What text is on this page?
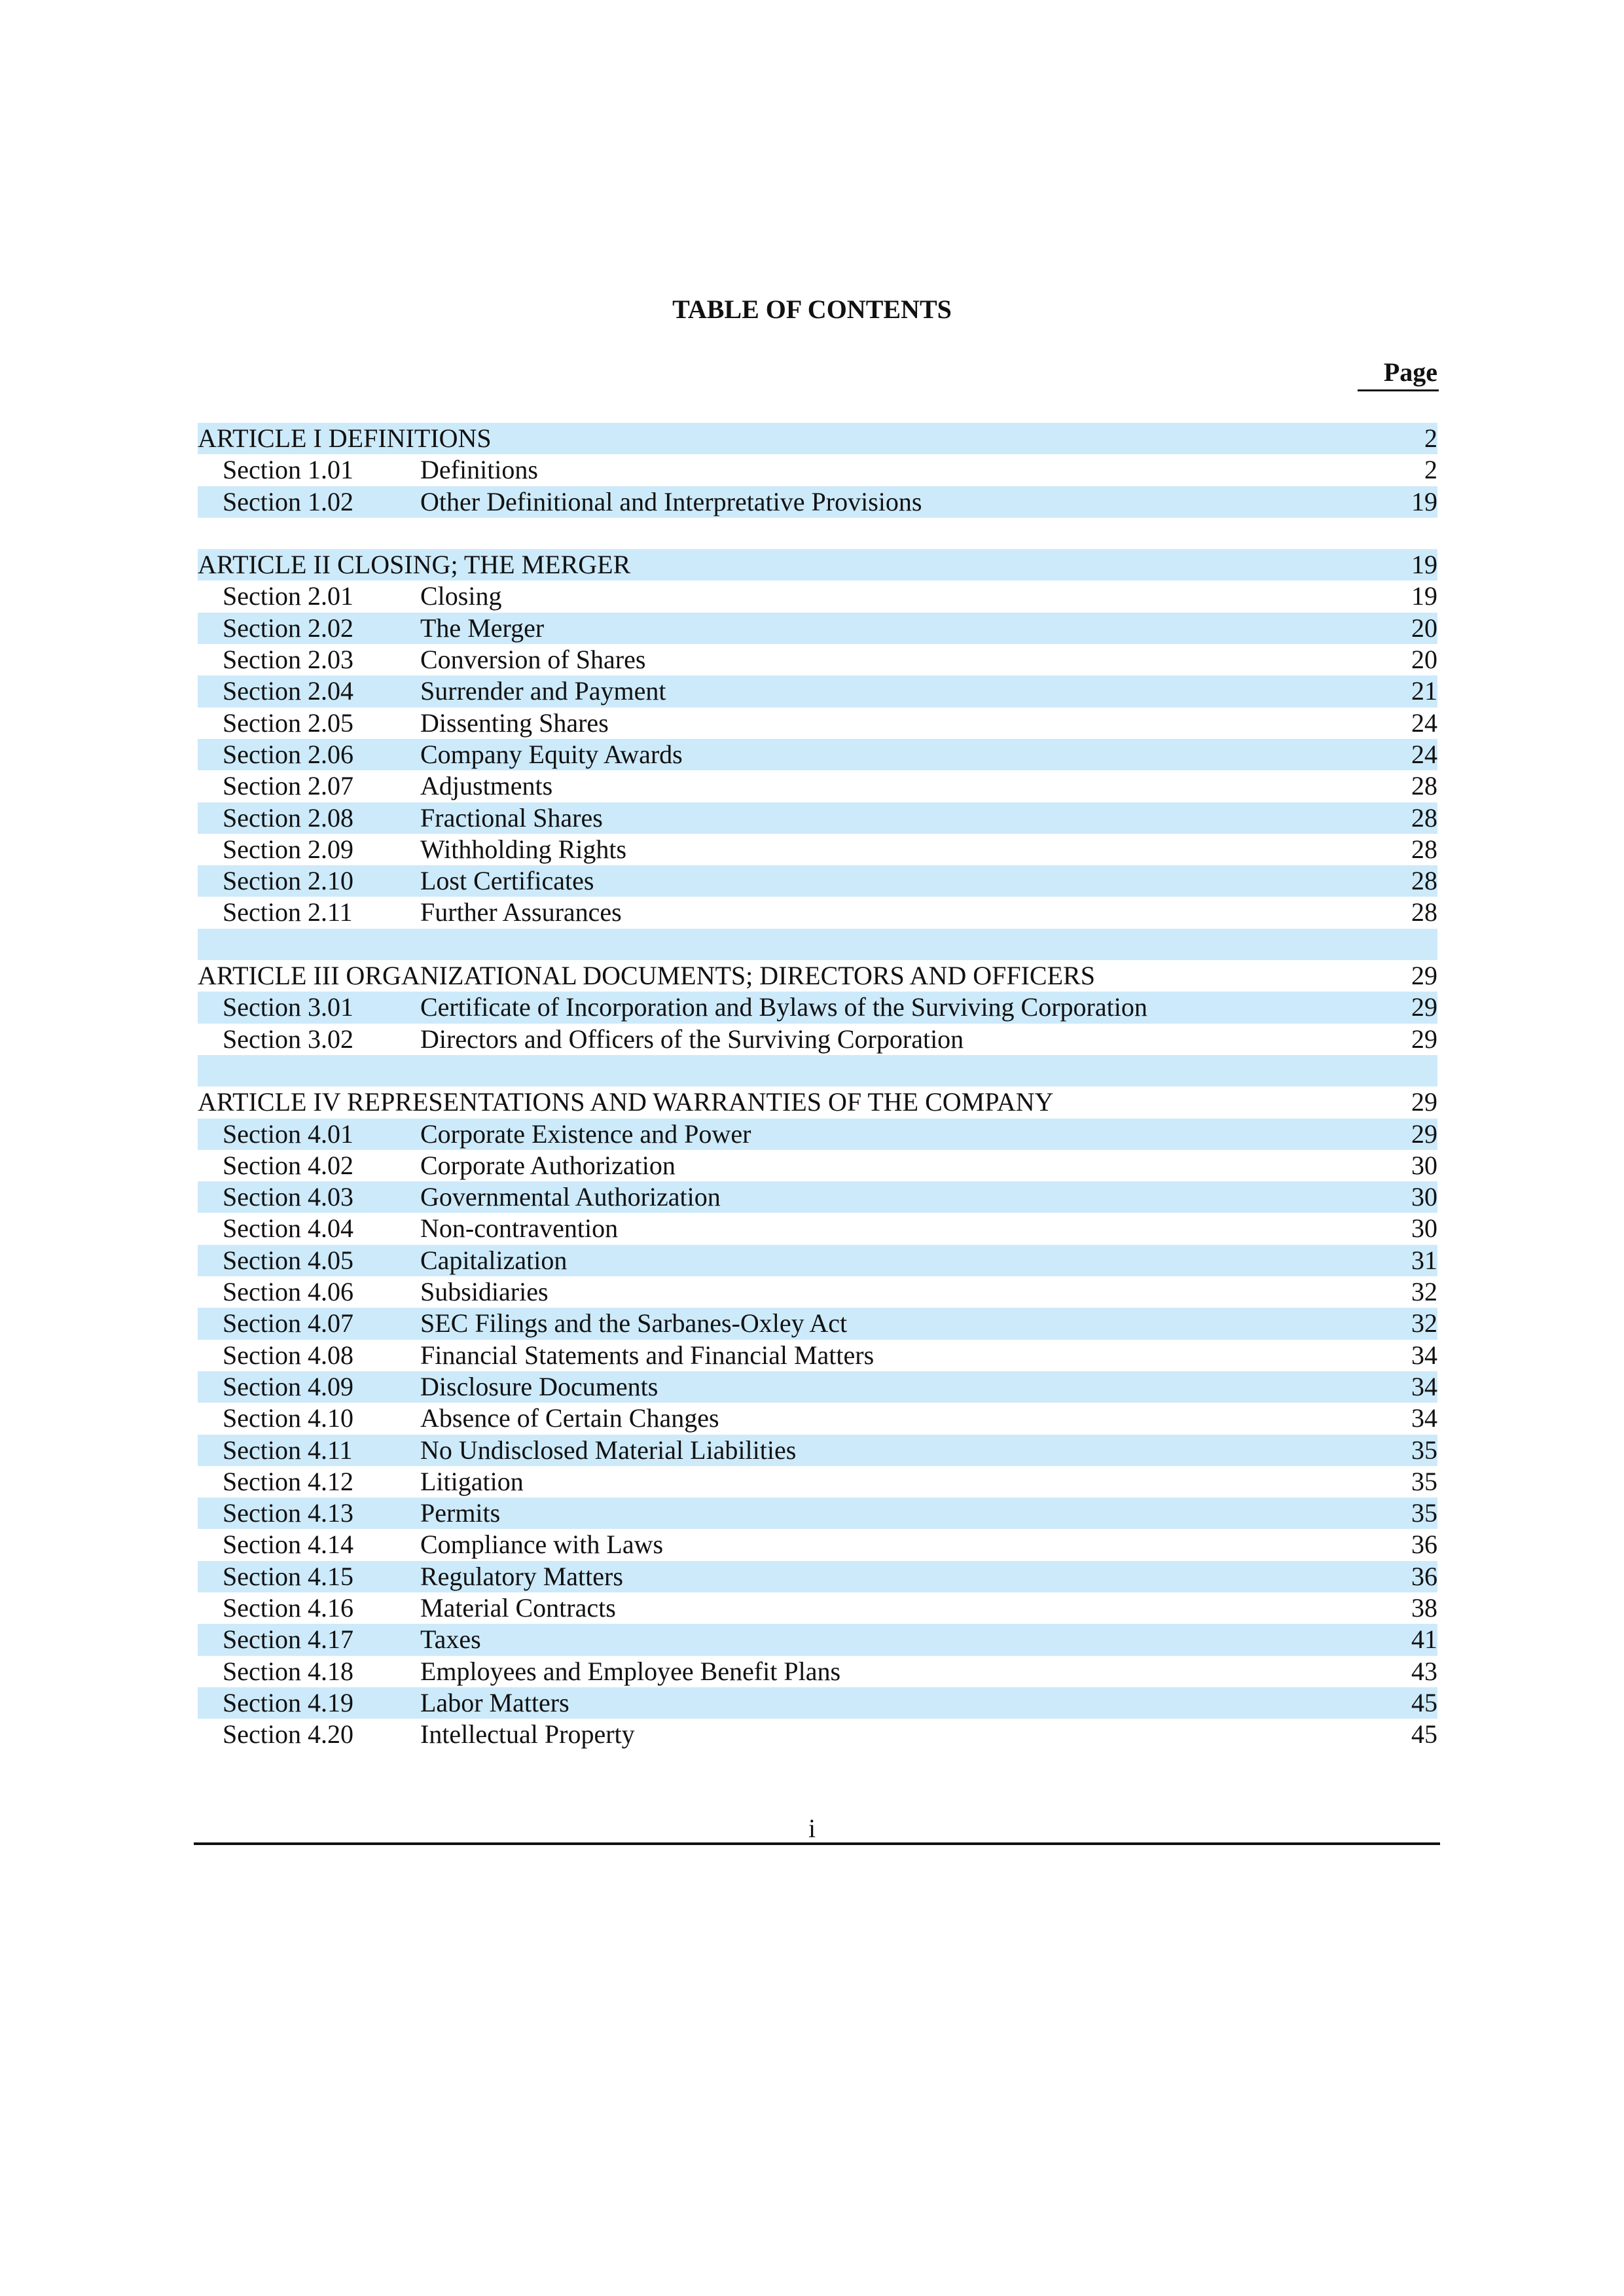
TABLE OF CONTENTS
Page
ARTICLE I DEFINITIONS	2
Section 1.01	Definitions	2
Section 1.02	Other Definitional and Interpretative Provisions	19
ARTICLE II CLOSING; THE MERGER	19
Section 2.01	Closing	19
Section 2.02	The Merger	20
Section 2.03	Conversion of Shares	20
Section 2.04	Surrender and Payment	21
Section 2.05	Dissenting Shares	24
Section 2.06	Company Equity Awards	24
Section 2.07	Adjustments	28
Section 2.08	Fractional Shares	28
Section 2.09	Withholding Rights	28
Section 2.10	Lost Certificates	28
Section 2.11	Further Assurances	28
ARTICLE III ORGANIZATIONAL DOCUMENTS; DIRECTORS AND OFFICERS	29
Section 3.01	Certificate of Incorporation and Bylaws of the Surviving Corporation	29
Section 3.02	Directors and Officers of the Surviving Corporation	29
ARTICLE IV REPRESENTATIONS AND WARRANTIES OF THE COMPANY	29
Section 4.01	Corporate Existence and Power	29
Section 4.02	Corporate Authorization	30
Section 4.03	Governmental Authorization	30
Section 4.04	Non-contravention	30
Section 4.05	Capitalization	31
Section 4.06	Subsidiaries	32
Section 4.07	SEC Filings and the Sarbanes-Oxley Act	32
Section 4.08	Financial Statements and Financial Matters	34
Section 4.09	Disclosure Documents	34
Section 4.10	Absence of Certain Changes	34
Section 4.11	No Undisclosed Material Liabilities	35
Section 4.12	Litigation	35
Section 4.13	Permits	35
Section 4.14	Compliance with Laws	36
Section 4.15	Regulatory Matters	36
Section 4.16	Material Contracts	38
Section 4.17	Taxes	41
Section 4.18	Employees and Employee Benefit Plans	43
Section 4.19	Labor Matters	45
Section 4.20	Intellectual Property	45
i
